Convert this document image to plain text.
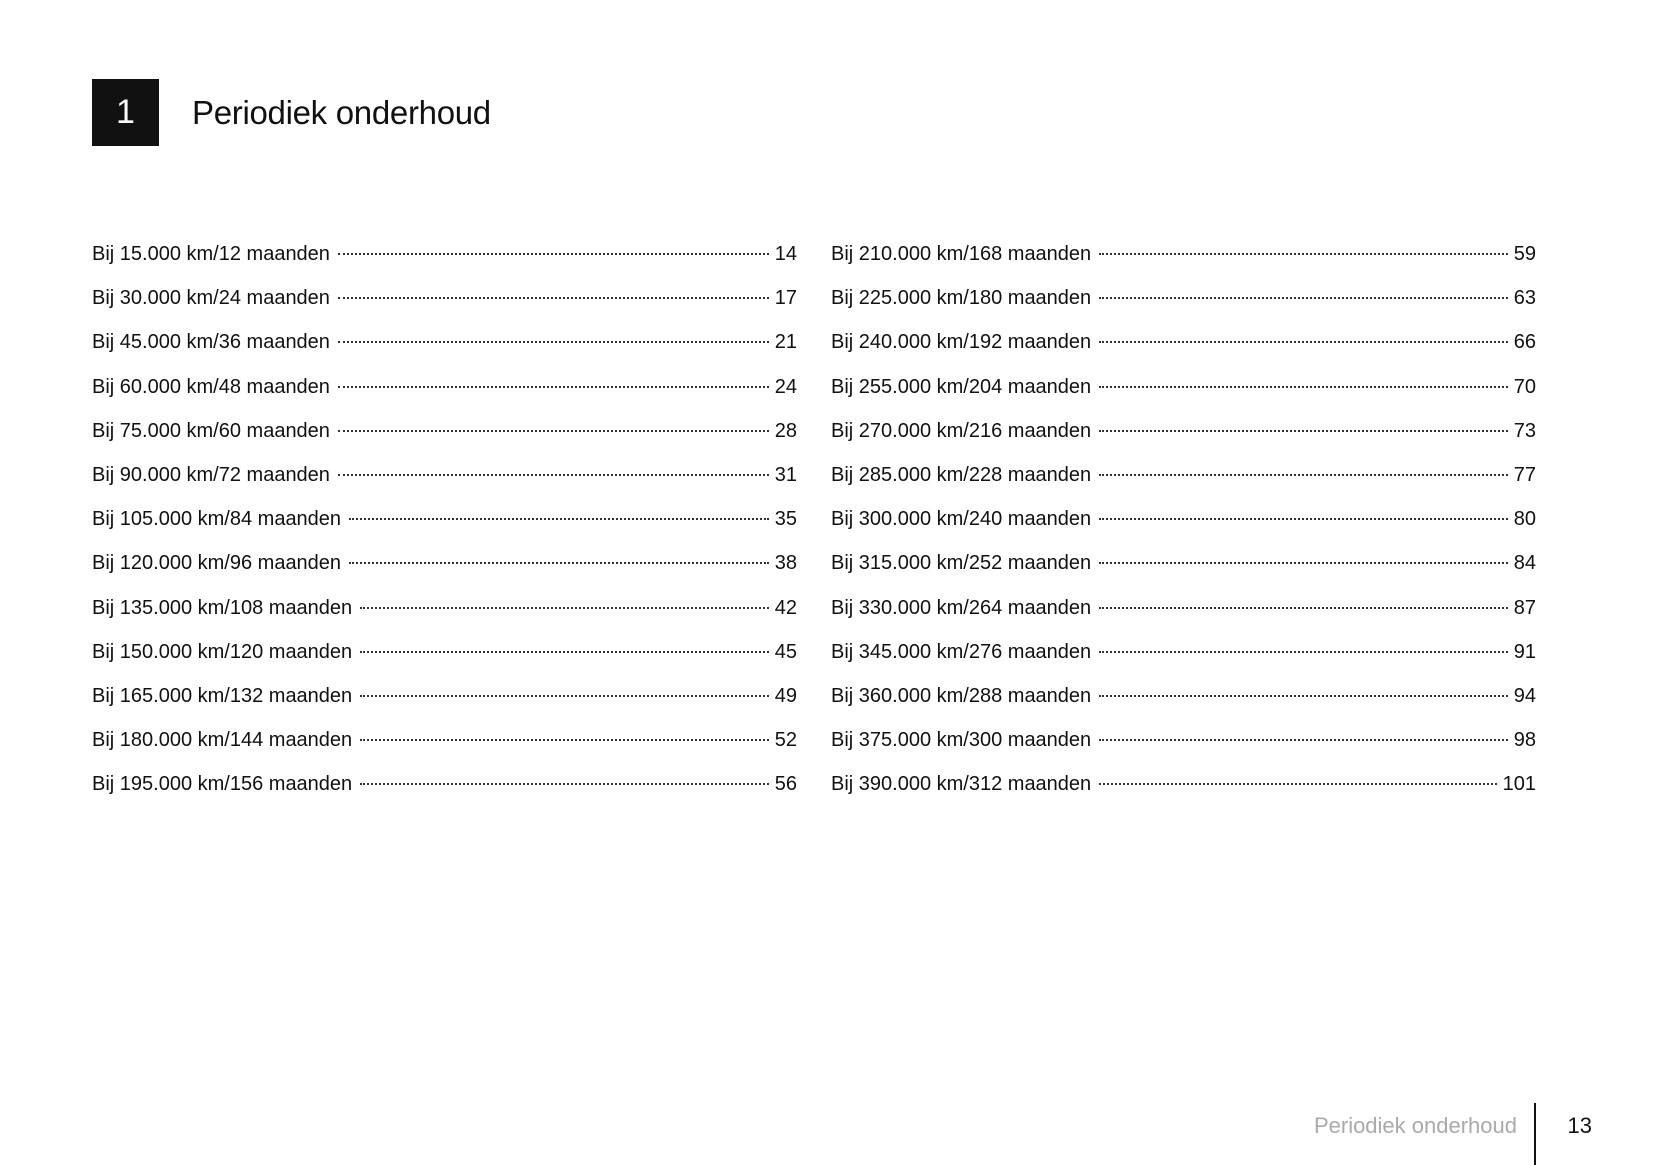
1	Periodiek onderhoud
Bij 15.000 km/12 maanden	14
Bij 30.000 km/24 maanden	17
Bij 45.000 km/36 maanden	21
Bij 60.000 km/48 maanden	24
Bij 75.000 km/60 maanden	28
Bij 90.000 km/72 maanden	31
Bij 105.000 km/84 maanden	35
Bij 120.000 km/96 maanden	38
Bij 135.000 km/108 maanden	42
Bij 150.000 km/120 maanden	45
Bij 165.000 km/132 maanden	49
Bij 180.000 km/144 maanden	52
Bij 195.000 km/156 maanden	56
Bij 210.000 km/168 maanden	59
Bij 225.000 km/180 maanden	63
Bij 240.000 km/192 maanden	66
Bij 255.000 km/204 maanden	70
Bij 270.000 km/216 maanden	73
Bij 285.000 km/228 maanden	77
Bij 300.000 km/240 maanden	80
Bij 315.000 km/252 maanden	84
Bij 330.000 km/264 maanden	87
Bij 345.000 km/276 maanden	91
Bij 360.000 km/288 maanden	94
Bij 375.000 km/300 maanden	98
Bij 390.000 km/312 maanden	101
Periodiek onderhoud 13
